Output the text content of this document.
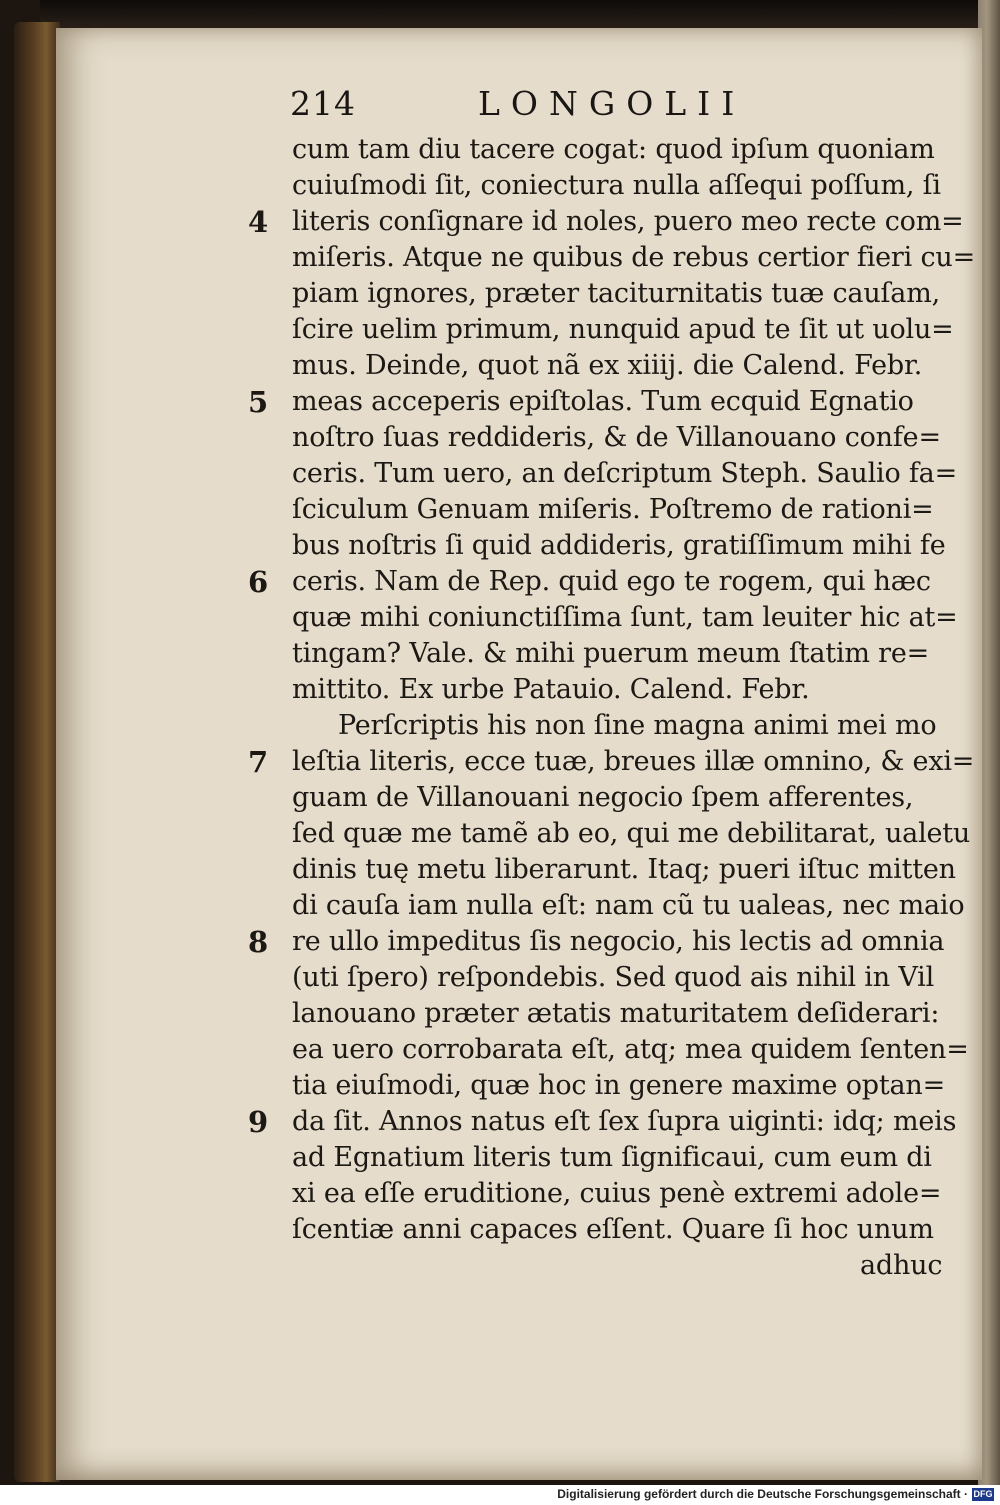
214	LONGOLII
cum tam diu tacere cogat: quod ipſum quoniam
cuiuſmodi ſit, coniectura nulla aſſequi poſſum, ſi
literis conſignare id noles, puero meo recte com=
4
miſeris. Atque ne quibus de rebus certior fieri cu=
piam ignores, præter taciturnitatis tuæ cauſam,
ſcire uelim primum, nunquid apud te ſit ut uolu=
mus. Deinde, quot nã ex xiiij. die Calend. Febr.
meas acceperis epiſtolas. Tum ecquid Egnatio
5
noſtro ſuas reddideris, & de Villanouano confe=
ceris. Tum uero, an deſcriptum Steph. Saulio fa=
ſciculum Genuam miſeris. Poſtremo de rationi=
bus noſtris ſi quid addideris, gratiſſimum mihi fe
ceris. Nam de Rep. quid ego te rogem, qui hæc
6
quæ mihi coniunctiſſima ſunt, tam leuiter hic at=
tingam? Vale. & mihi puerum meum ſtatim re=
mittito. Ex urbe Patauio. Calend. Febr.
Perſcriptis his non ſine magna animi mei mo
leſtia literis, ecce tuæ, breues illæ omnino, & exi=
7
guam de Villanouani negocio ſpem afferentes,
ſed quæ me tamẽ ab eo, qui me debilitarat, ualetu
dinis tuę metu liberarunt. Itaq; pueri iſtuc mitten
di cauſa iam nulla eſt: nam cũ tu ualeas, nec maio
re ullo impeditus ſis negocio, his lectis ad omnia
8
(uti ſpero) reſpondebis. Sed quod ais nihil in Vil
lanouano præter ætatis maturitatem deſiderari:
ea uero corrobarata eſt, atq; mea quidem ſenten=
tia eiuſmodi, quæ hoc in genere maxime optan=
da ſit. Annos natus eſt ſex ſupra uiginti: idq; meis
9
ad Egnatium literis tum ſignificaui, cum eum di
xi ea eſſe eruditione, cuius penè extremi adole=
ſcentiæ anni capaces eſſent. Quare ſi hoc unum
adhuc
Digitalisierung gefördert durch die Deutsche Forschungsgemeinschaft · DFG
